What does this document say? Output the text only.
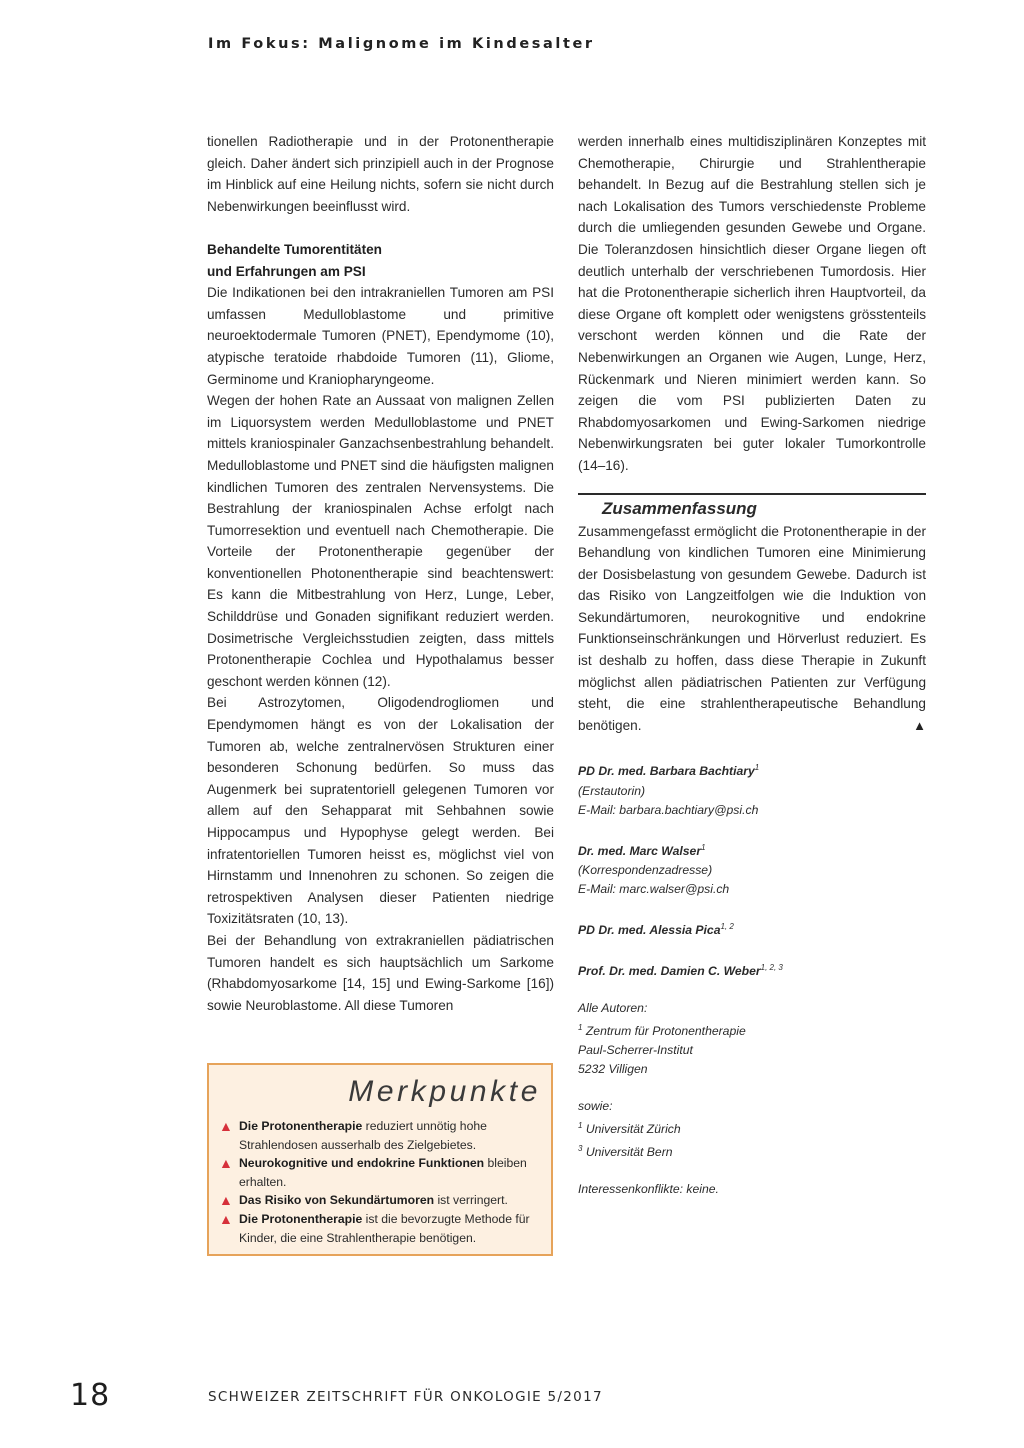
Im Fokus: Malignome im Kindesalter

tionellen Radiotherapie und in der Protonentherapie gleich. Daher ändert sich prinzipiell auch in der Prognose im Hinblick auf eine Heilung nichts, sofern sie nicht durch Nebenwirkungen beeinflusst wird.

Behandelte Tumorentitäten
und Erfahrungen am PSI

Die Indikationen bei den intrakraniellen Tumoren am PSI umfassen Medulloblastome und primitive neuroektodermale Tumoren (PNET), Ependymome (10), atypische teratoide rhabdoide Tumoren (11), Gliome, Germinome und Kraniopharyngeome.

Wegen der hohen Rate an Aussaat von malignen Zellen im Liquorsystem werden Medulloblastome und PNET mittels kraniospinaler Ganzachsenbestrahlung behandelt. Medulloblastome und PNET sind die häufigsten malignen kindlichen Tumoren des zentralen Nervensystems. Die Bestrahlung der kraniospinalen Achse erfolgt nach Tumorresektion und eventuell nach Chemotherapie. Die Vorteile der Protonentherapie gegenüber der konventionellen Photonentherapie sind beachtenswert: Es kann die Mitbestrahlung von Herz, Lunge, Leber, Schilddrüse und Gonaden signifikant reduziert werden. Dosimetrische Vergleichsstudien zeigten, dass mittels Protonentherapie Cochlea und Hypothalamus besser geschont werden können (12).

Bei Astrozytomen, Oligodendrogliomen und Ependymomen hängt es von der Lokalisation der Tumoren ab, welche zentralnervösen Strukturen einer besonderen Schonung bedürfen. So muss das Augenmerk bei supratentoriell gelegenen Tumoren vor allem auf den Sehapparat mit Sehbahnen sowie Hippocampus und Hypophyse gelegt werden. Bei infratentoriellen Tumoren heisst es, möglichst viel von Hirnstamm und Innenohren zu schonen. So zeigen die retrospektiven Analysen dieser Patienten niedrige Toxizitätsraten (10, 13).

Bei der Behandlung von extrakraniellen pädiatrischen Tumoren handelt es sich hauptsächlich um Sarkome (Rhabdomyosarkome [14, 15] und Ewing-Sarkome [16]) sowie Neuroblastome. All diese Tumoren

Merkpunkte
▲ Die Protonentherapie reduziert unnötig hohe Strahlendosen ausserhalb des Zielgebietes.
▲ Neurokognitive und endokrine Funktionen bleiben erhalten.
▲ Das Risiko von Sekundärtumoren ist verringert.
▲ Die Protonentherapie ist die bevorzugte Methode für Kinder, die eine Strahlentherapie benötigen.

werden innerhalb eines multidisziplinären Konzeptes mit Chemotherapie, Chirurgie und Strahlentherapie behandelt. In Bezug auf die Bestrahlung stellen sich je nach Lokalisation des Tumors verschiedenste Probleme durch die umliegenden gesunden Gewebe und Organe. Die Toleranzdosen hinsichtlich dieser Organe liegen oft deutlich unterhalb der verschriebenen Tumordosis. Hier hat die Protonentherapie sicherlich ihren Hauptvorteil, da diese Organe oft komplett oder wenigstens grösstenteils verschont werden können und die Rate der Nebenwirkungen an Organen wie Augen, Lunge, Herz, Rückenmark und Nieren minimiert werden kann. So zeigen die vom PSI publizierten Daten zu Rhabdomyosarkomen und Ewing-Sarkomen niedrige Nebenwirkungsraten bei guter lokaler Tumorkontrolle (14–16).

Zusammenfassung

Zusammengefasst ermöglicht die Protonentherapie in der Behandlung von kindlichen Tumoren eine Minimierung der Dosisbelastung von gesundem Gewebe. Dadurch ist das Risiko von Langzeitfolgen wie die Induktion von Sekundärtumoren, neurokognitive und endokrine Funktionseinschränkungen und Hörverlust reduziert. Es ist deshalb zu hoffen, dass diese Therapie in Zukunft möglichst allen pädiatrischen Patienten zur Verfügung steht, die eine strahlentherapeutische Behandlung benötigen.	▲

PD Dr. med. Barbara Bachtiary$^1$
(Erstautorin)
E-Mail: barbara.bachtiary@psi.ch
Dr. med. Marc Walser$^1$
(Korrespondenzadresse)
E-Mail: marc.walser@psi.ch
PD Dr. med. Alessia Pica$^{1, 2}$
Prof. Dr. med. Damien C. Weber$^{1, 2, 3}$
Alle Autoren:
$^1$ Zentrum für Protonentherapie
Paul-Scherrer-Institut
5232 Villigen
sowie:
$^1$ Universität Zürich
$^3$ Universität Bern
Interessenkonflikte: keine.
18	SCHWEIZER ZEITSCHRIFT FÜR ONKOLOGIE 5/2017
